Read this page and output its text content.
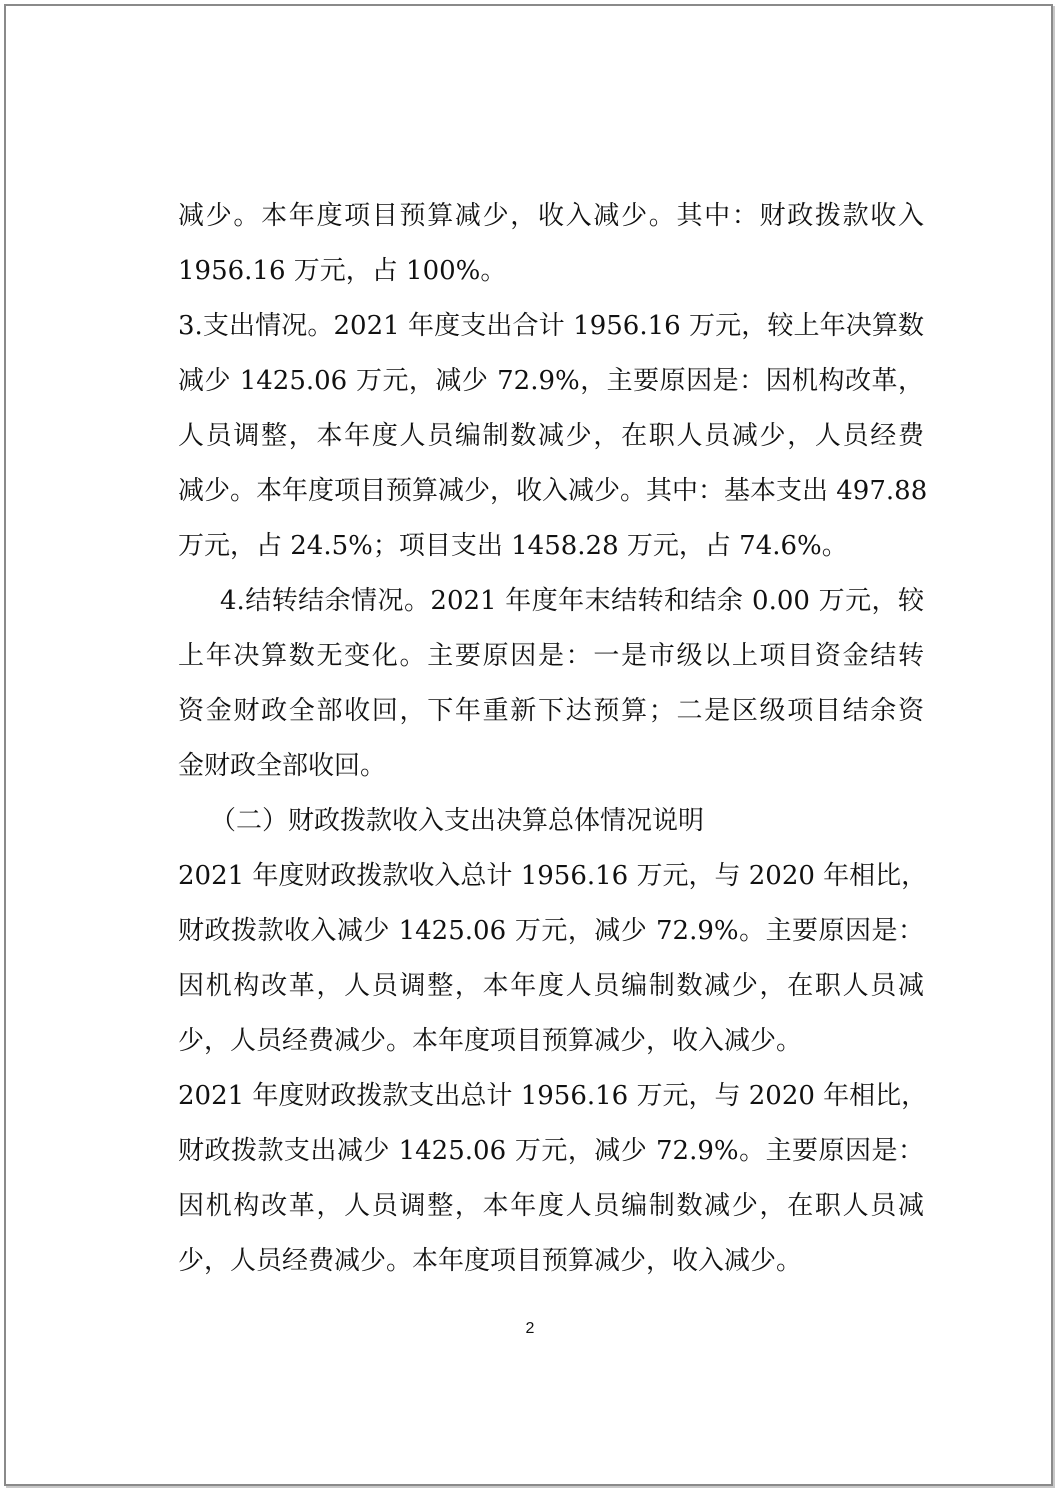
减少。本年度项目预算减少，收入减少。其中：财政拨款收入
1956.16 万元，占 100%。
3.支出情况。2021 年度支出合计 1956.16 万元，较上年决算数
减少 1425.06 万元，减少 72.9%，主要原因是：因机构改革，
人员调整，本年度人员编制数减少，在职人员减少，人员经费
减少。本年度项目预算减少，收入减少。其中：基本支出 497.88
万元，占 24.5%；项目支出 1458.28 万元，占 74.6%。
4.结转结余情况。2021 年度年末结转和结余 0.00 万元，较
上年决算数无变化。主要原因是：一是市级以上项目资金结转
资金财政全部收回，下年重新下达预算；二是区级项目结余资
金财政全部收回。
（二）财政拨款收入支出决算总体情况说明
2021 年度财政拨款收入总计 1956.16 万元，与 2020 年相比，
财政拨款收入减少 1425.06 万元，减少 72.9%。主要原因是：
因机构改革，人员调整，本年度人员编制数减少，在职人员减
少，人员经费减少。本年度项目预算减少，收入减少。
2021 年度财政拨款支出总计 1956.16 万元，与 2020 年相比，
财政拨款支出减少 1425.06 万元，减少 72.9%。主要原因是：
因机构改革，人员调整，本年度人员编制数减少，在职人员减
少，人员经费减少。本年度项目预算减少，收入减少。
2
